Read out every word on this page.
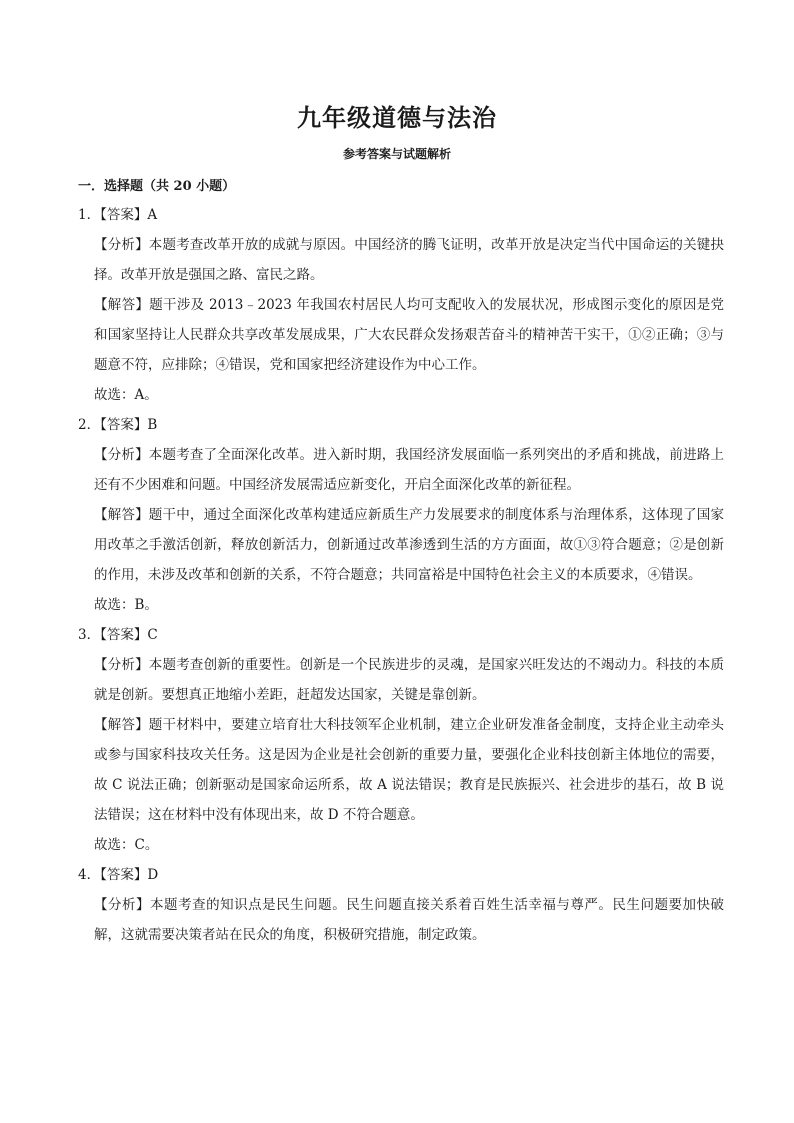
九年级道德与法治
参考答案与试题解析
一．选择题（共 20 小题）
1．【答案】A

【分析】本题考查改革开放的成就与原因。中国经济的腾飞证明，改革开放是决定当代中国命运的关键抉择。改革开放是强国之路、富民之路。

【解答】题干涉及 2013﹣2023 年我国农村居民人均可支配收入的发展状况，形成图示变化的原因是党和国家坚持让人民群众共享改革发展成果，广大农民群众发扬艰苦奋斗的精神苦干实干，①②正确；③与题意不符，应排除；④错误，党和国家把经济建设作为中心工作。

故选：A。
2．【答案】B

【分析】本题考查了全面深化改革。进入新时期，我国经济发展面临一系列突出的矛盾和挑战，前进路上还有不少困难和问题。中国经济发展需适应新变化，开启全面深化改革的新征程。

【解答】题干中，通过全面深化改革构建适应新质生产力发展要求的制度体系与治理体系，这体现了国家用改革之手激活创新，释放创新活力，创新通过改革渗透到生活的方方面面，故①③符合题意；②是创新的作用，未涉及改革和创新的关系，不符合题意；共同富裕是中国特色社会主义的本质要求，④错误。

故选：B。
3．【答案】C

【分析】本题考查创新的重要性。创新是一个民族进步的灵魂，是国家兴旺发达的不竭动力。科技的本质就是创新。要想真正地缩小差距，赶超发达国家，关键是靠创新。

【解答】题干材料中，要建立培育壮大科技领军企业机制，建立企业研发准备金制度，支持企业主动牵头或参与国家科技攻关任务。这是因为企业是社会创新的重要力量，要强化企业科技创新主体地位的需要，故 C 说法正确；创新驱动是国家命运所系，故 A 说法错误；教育是民族振兴、社会进步的基石，故 B 说法错误；这在材料中没有体现出来，故 D 不符合题意。

故选：C。
4．【答案】D

【分析】本题考查的知识点是民生问题。民生问题直接关系着百姓生活幸福与尊严。民生问题要加快破解，这就需要决策者站在民众的角度，积极研究措施，制定政策。
